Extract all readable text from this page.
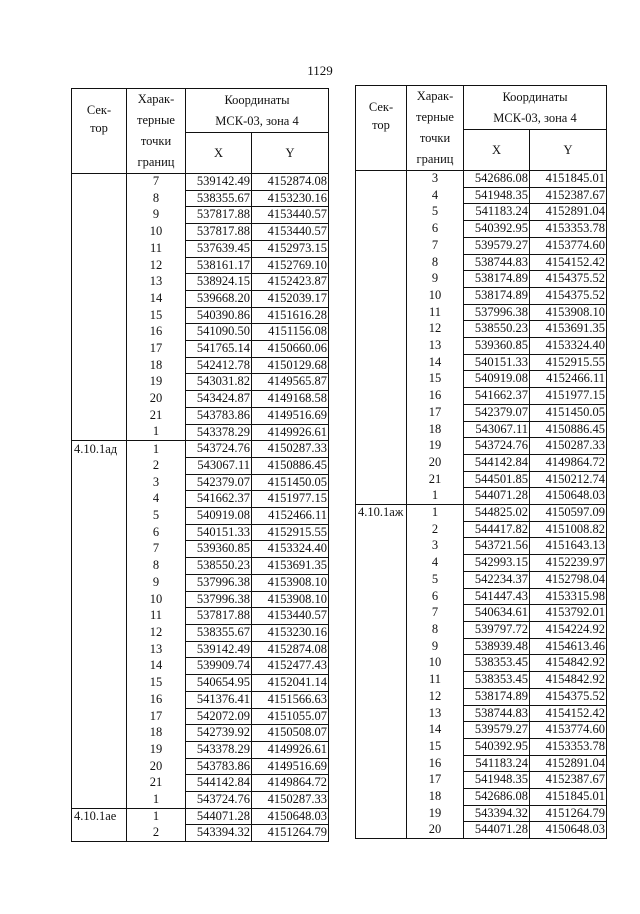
1129
Сек-
тор	Харак-
терные
точки
границ	Координаты
МСК-03, зона 4	

		X	Y
	7	539142.49	4152874.08
	8	538355.67	4153230.16
	9	537817.88	4153440.57
	10	537817.88	4153440.57
	11	537639.45	4152973.15
	12	538161.17	4152769.10
	13	538924.15	4152423.87
	14	539668.20	4152039.17
	15	540390.86	4151616.28
	16	541090.50	4151156.08
	17	541765.14	4150660.06
	18	542412.78	4150129.68
	19	543031.82	4149565.87
	20	543424.87	4149168.58
	21	543783.86	4149516.69
	1	543378.29	4149926.61
4.10.1ад	1	543724.76	4150287.33
	2	543067.11	4150886.45
	3	542379.07	4151450.05
	4	541662.37	4151977.15
	5	540919.08	4152466.11
	6	540151.33	4152915.55
	7	539360.85	4153324.40
	8	538550.23	4153691.35
	9	537996.38	4153908.10
	10	537996.38	4153908.10
	11	537817.88	4153440.57
	12	538355.67	4153230.16
	13	539142.49	4152874.08
	14	539909.74	4152477.43
	15	540654.95	4152041.14
	16	541376.41	4151566.63
	17	542072.09	4151055.07
	18	542739.92	4150508.07
	19	543378.29	4149926.61
	20	543783.86	4149516.69
	21	544142.84	4149864.72
	1	543724.76	4150287.33
4.10.1ае	1	544071.28	4150648.03
	2	543394.32	4151264.79
Сек-
тор	Харак-
терные
точки
границ	Координаты
МСК-03, зона 4	

		X	Y
	3	542686.08	4151845.01
	4	541948.35	4152387.67
	5	541183.24	4152891.04
	6	540392.95	4153353.78
	7	539579.27	4153774.60
	8	538744.83	4154152.42
	9	538174.89	4154375.52
	10	538174.89	4154375.52
	11	537996.38	4153908.10
	12	538550.23	4153691.35
	13	539360.85	4153324.40
	14	540151.33	4152915.55
	15	540919.08	4152466.11
	16	541662.37	4151977.15
	17	542379.07	4151450.05
	18	543067.11	4150886.45
	19	543724.76	4150287.33
	20	544142.84	4149864.72
	21	544501.85	4150212.74
	1	544071.28	4150648.03
4.10.1аж	1	544825.02	4150597.09
	2	544417.82	4151008.82
	3	543721.56	4151643.13
	4	542993.15	4152239.97
	5	542234.37	4152798.04
	6	541447.43	4153315.98
	7	540634.61	4153792.01
	8	539797.72	4154224.92
	9	538939.48	4154613.46
	10	538353.45	4154842.92
	11	538353.45	4154842.92
	12	538174.89	4154375.52
	13	538744.83	4154152.42
	14	539579.27	4153774.60
	15	540392.95	4153353.78
	16	541183.24	4152891.04
	17	541948.35	4152387.67
	18	542686.08	4151845.01
	19	543394.32	4151264.79
	20	544071.28	4150648.03
